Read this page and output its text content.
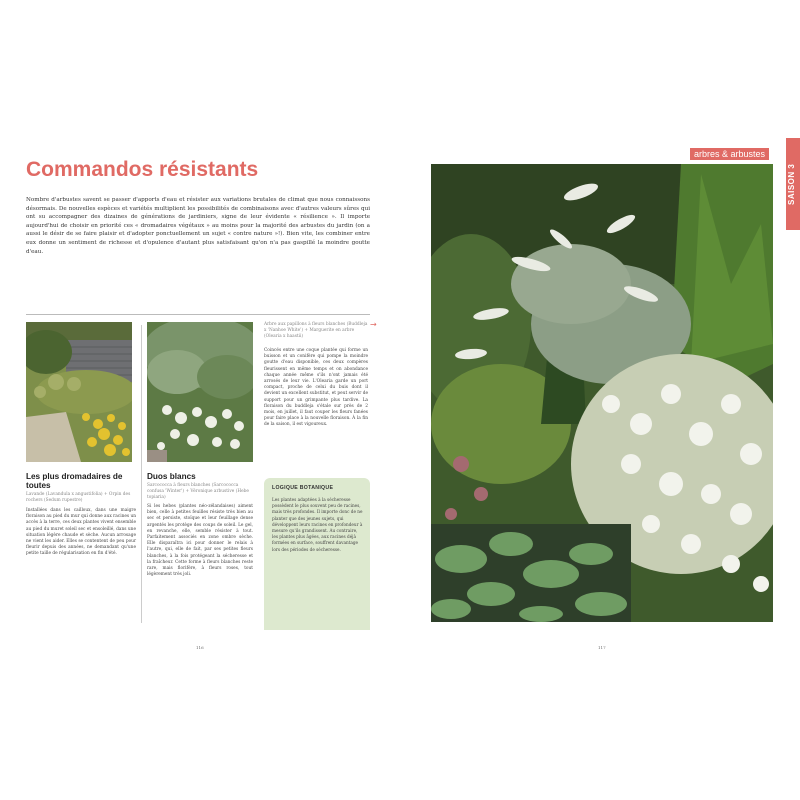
Commandos résistants

Nombre d'arbustes savent se passer d'apports d'eau et résister aux variations brutales de climat que nous connaissons désormais. De nouvelles espèces et variétés multiplient les possibilités de combinaisons avec d'autres valeurs sûres qui ont su accompagner des dizaines de générations de jardiniers, signe de leur évidente « résilience ». Il importe aujourd'hui de choisir en priorité ces « dromadaires végétaux » au moins pour la majorité des arbustes du jardin (on a aussi le désir de se faire plaisir et d'adopter ponctuellement un sujet « contre nature »!). Bien vite, les combiner entre eux donne un sentiment de richesse et d'opulence d'autant plus satisfaisant qu'on n'a pas gaspillé la moindre goutte d'eau.

Les plus dromadaires de toutes

Lavande (Lavandula x angustifolia) + Orpin des rochers (Sedum rupestre)

Installées dans les cailloux, dans une maigre floraison au pied du mur qui donne aux racines un accès à la terre, ces deux plantes vivent ensemble au pied du muret soleil sec et ensoleillé, dans une situation légère chaude et sèche. Aucun arrosage ne vient les aider. Elles se contentent de peu pour fleurir depuis des années, ne demandant qu'une petite taille de régularisation en fin d'été.

Duos blancs

Sarcococca à fleurs blanches (Sarcococca confusa 'Winter') + Véronique arbustive (Hebe topiaria)

Si les hebes (plantes néo-zélandaises) aiment bien, celle à petites feuilles résiste très bien au sec et persiste, stoïque et leur feuillage dense argentés les protège des coups de soleil. Le gel, en revanche, elle, semble résister à tout. Parfaitement associés en zone ombre sèche. Elle disparaîtra ici pour donner le relais à l'autre, qui, elle de fait, par ses petites fleurs blanches, à la fois protégeant la sécheresse et la fraîcheur. Cette forme à fleurs blanches reste rare, mais florifère, à fleurs roses, tout légèrement très joli.

Arbre aux papillons à fleurs blanches (Buddleja x 'Nanhoe White') + Marguerite en arbre (Olearia x haastii)

→

Coincés entre une coque plantée qui forme un buisson et un conifère qui pompe la moindre goutte d'eau disponible, ces deux compères fleurissent en même temps et on abondance chaque année même s'ils n'ont jamais été arrosés de leur vie. L'Olearia garde un port compact, proche de celui du buis dont il devient un excellent substitut, et peut servir de support pour un grimpante plus tardive. La floraison du buddleja s'étale sur près de 2 mois, en juillet, il faut couper les fleurs fanées pour faire place à la nouvelle floraison. À la fin de la saison, il est vigoureux.

LOGIQUE BOTANIQUE

Les plantes adaptées à la sécheresse possèdent le plus souvent peu de racines, mais très profondes. Il importe donc de ne planter que des jeunes sujets, qui développent leurs racines en profondeur à mesure qu'ils grandissent. Au contraire, les plantes plus âgées, aux racines déjà formées en surface, souffrent davantage lors des périodes de sécheresse.

116
arbres & arbustes
SAISON 3
117
